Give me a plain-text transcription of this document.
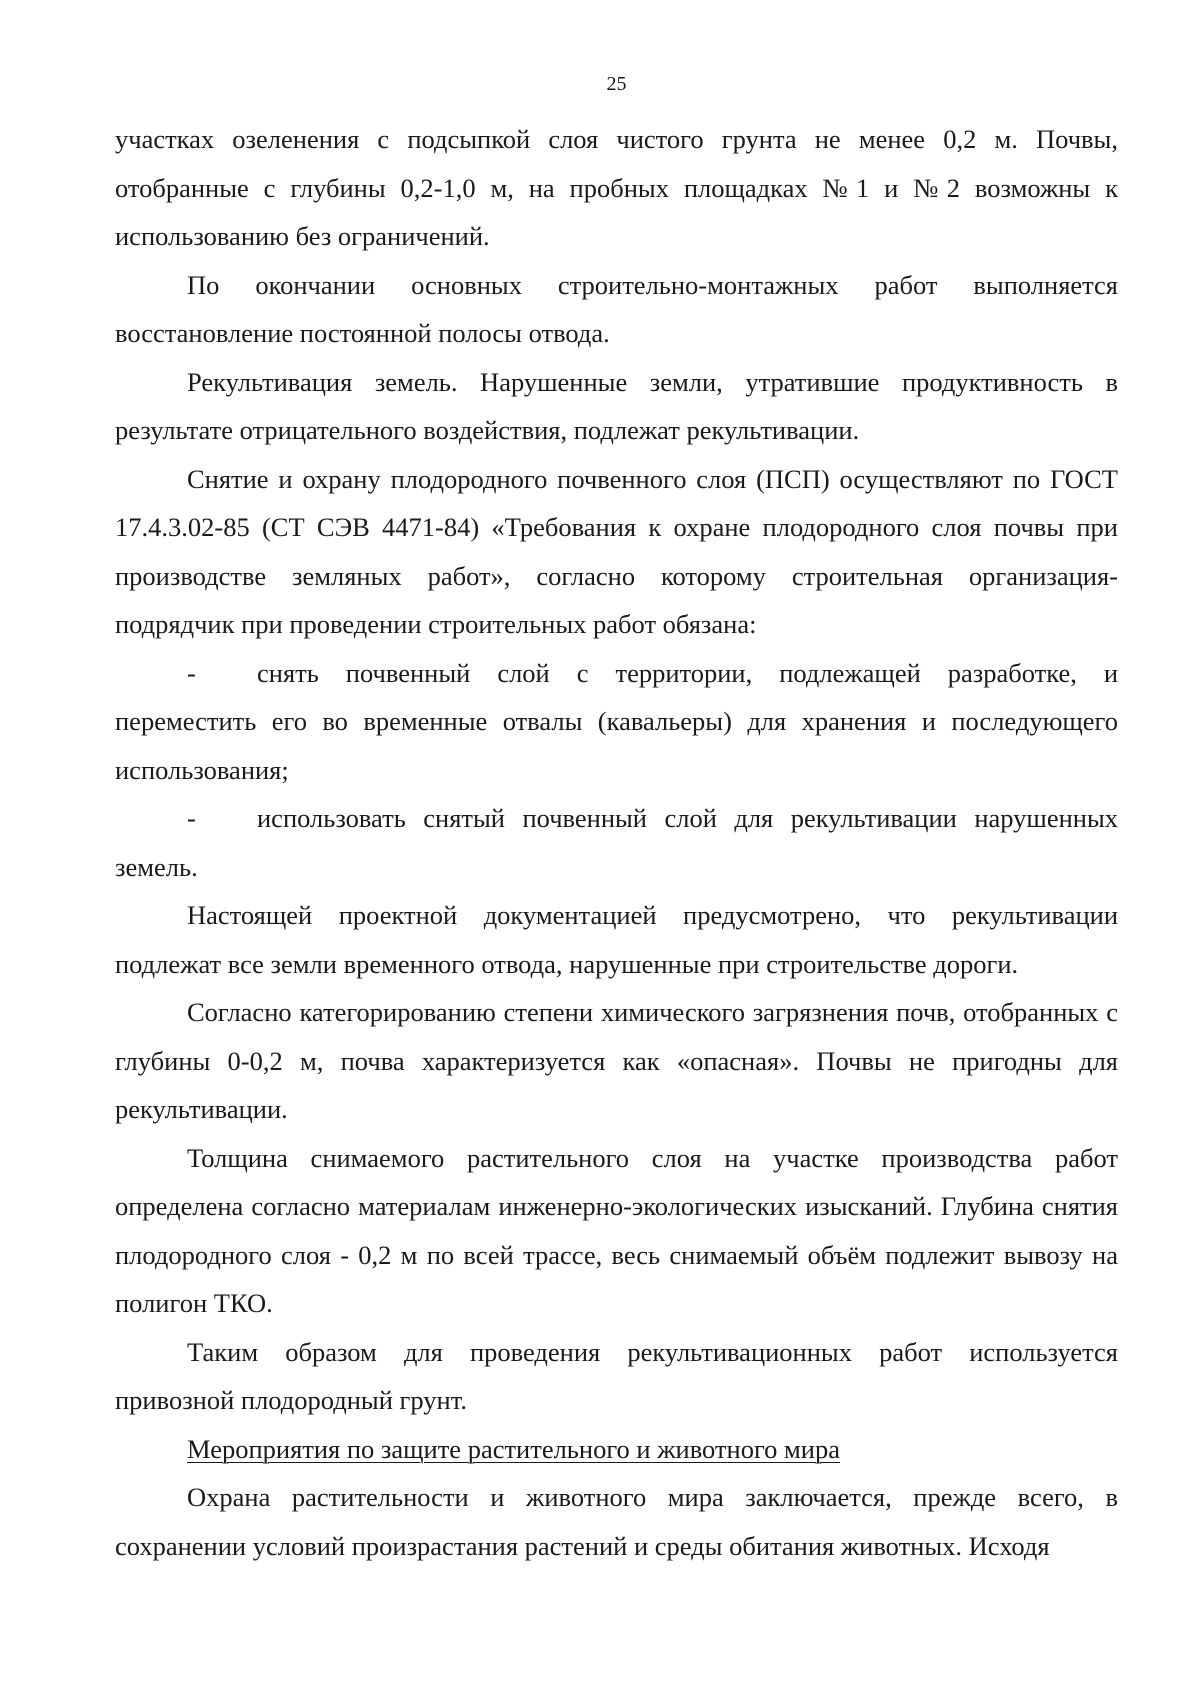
25

участках озеленения с подсыпкой слоя чистого грунта не менее 0,2 м. Почвы, отобранные с глубины 0,2-1,0 м, на пробных площадках №1 и №2 возможны к использованию без ограничений.

По окончании основных строительно-монтажных работ выполняется восстановление постоянной полосы отвода.

Рекультивация земель. Нарушенные земли, утратившие продуктивность в результате отрицательного воздействия, подлежат рекультивации.

Снятие и охрану плодородного почвенного слоя (ПСП) осуществляют по ГОСТ 17.4.3.02-85 (СТ СЭВ 4471-84) «Требования к охране плодородного слоя почвы при производстве земляных работ», согласно которому строительная организация-подрядчик при проведении строительных работ обязана:

- снять почвенный слой с территории, подлежащей разработке, и переместить его во временные отвалы (кавальеры) для хранения и последующего использования;

- использовать снятый почвенный слой для рекультивации нарушенных земель.

Настоящей проектной документацией предусмотрено, что рекультивации подлежат все земли временного отвода, нарушенные при строительстве дороги.

Согласно категорированию степени химического загрязнения почв, отобранных с глубины 0-0,2 м, почва характеризуется как «опасная». Почвы не пригодны для рекультивации.

Толщина снимаемого растительного слоя на участке производства работ определена согласно материалам инженерно-экологических изысканий. Глубина снятия плодородного слоя - 0,2 м по всей трассе, весь снимаемый объём подлежит вывозу на полигон ТКО.

Таким образом для проведения рекультивационных работ используется привозной плодородный грунт.

Мероприятия по защите растительного и животного мира

Охрана растительности и животного мира заключается, прежде всего, в сохранении условий произрастания растений и среды обитания животных. Исходя
